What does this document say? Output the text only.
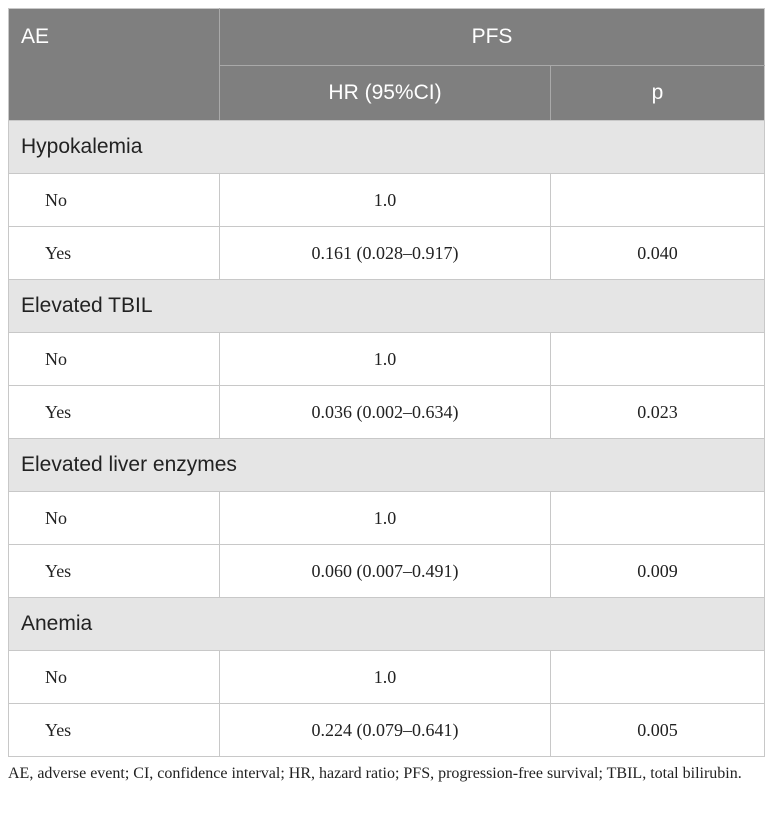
AE	PFS	
	HR (95%CI)	p
Hypokalemia		
No	1.0	
Yes	0.161 (0.028–0.917)	0.040
Elevated TBIL		
No	1.0	
Yes	0.036 (0.002–0.634)	0.023
Elevated liver enzymes		
No	1.0	
Yes	0.060 (0.007–0.491)	0.009
Anemia		
No	1.0	
Yes	0.224 (0.079–0.641)	0.005
AE, adverse event; CI, confidence interval; HR, hazard ratio; PFS, progression-free survival; TBIL, total bilirubin.
